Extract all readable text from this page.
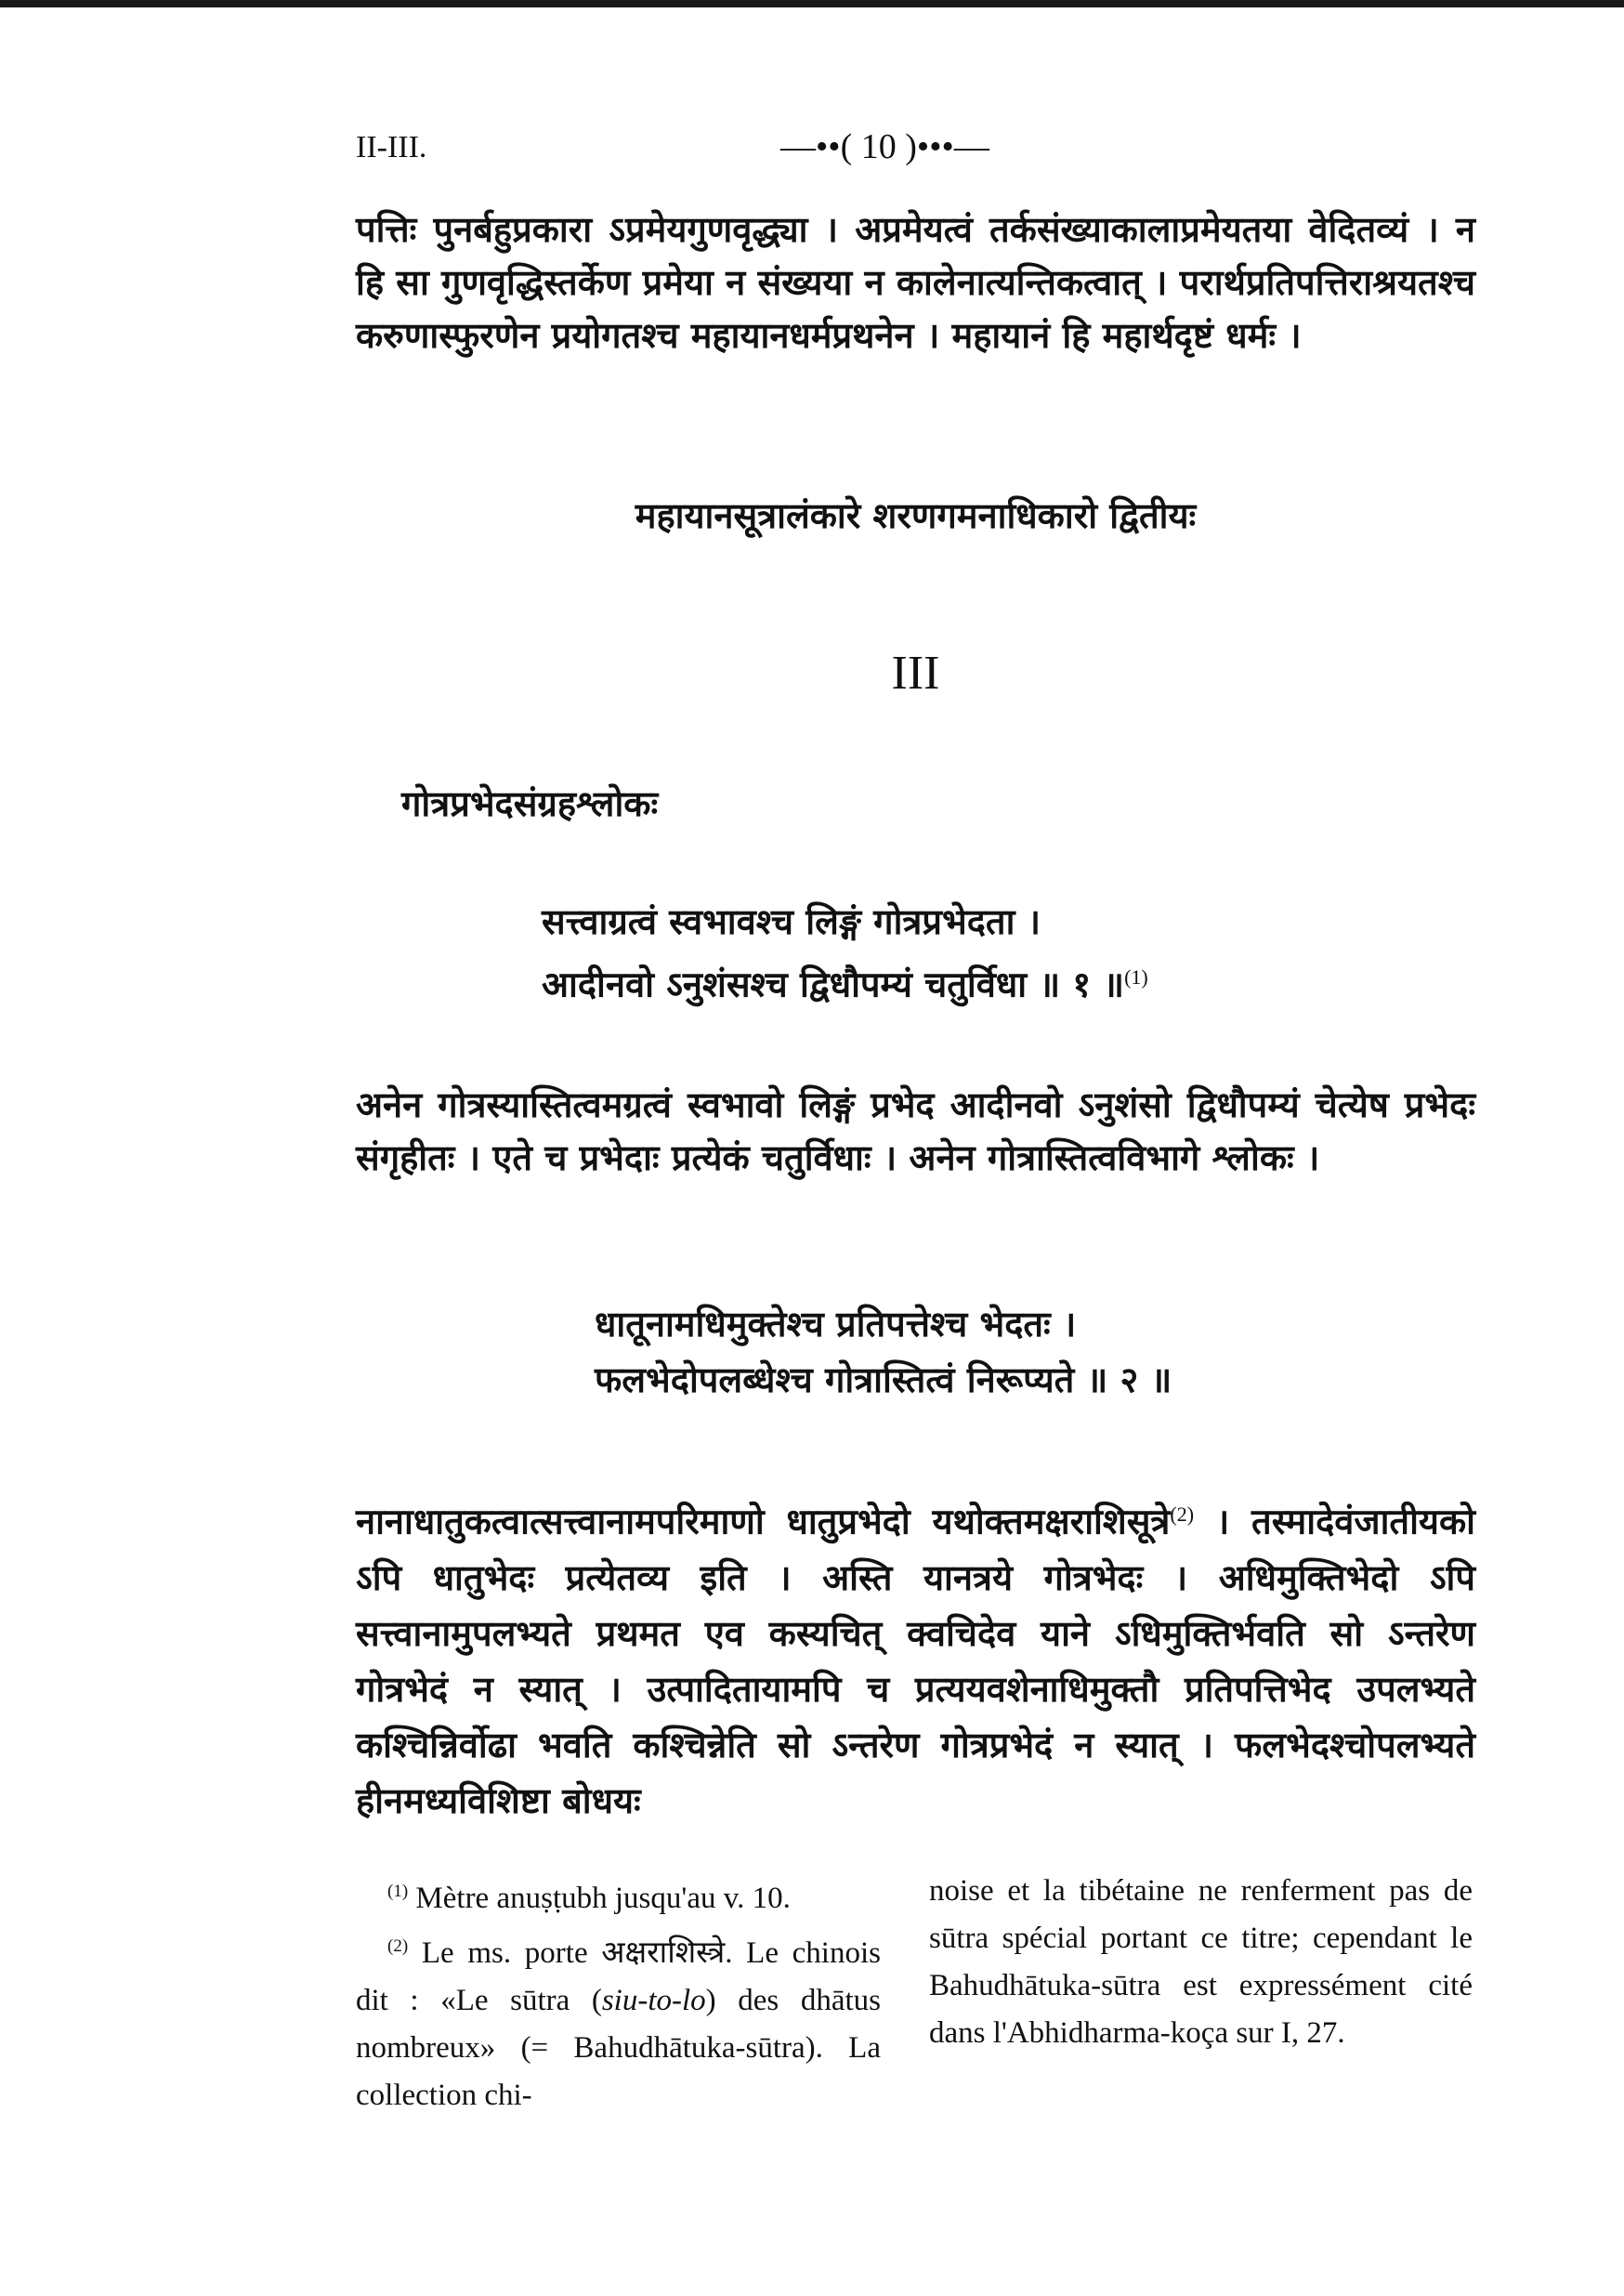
II-III.	—••( 10 )•••—
पत्तिः पुनर्बहुप्रकारा ऽप्रमेयगुणवृद्ध्या । अप्रमेयत्वं तर्कसंख्याकालाप्रमेयतया वेदितव्यं । न हि सा गुणवृद्धिस्तर्केण प्रमेया न संख्यया न कालेनात्यन्तिकत्वात् । परार्थप्रतिपत्तिराश्रयतश्च करुणास्फुरणेन प्रयोगतश्च महायानधर्मप्रथनेन । महायानं हि महार्थदृष्टं धर्मः ।
महायानसूत्रालंकारे शरणगमनाधिकारो द्वितीयः
III
गोत्रप्रभेदसंग्रहश्लोकः
सत्त्वाग्रत्वं स्वभावश्च लिङ्गं गोत्रप्रभेदता ।
आदीनवो ऽनुशंसश्च द्विधौपम्यं चतुर्विधा ॥ १ ॥$^{(1)}$
अनेन गोत्रस्यास्तित्वमग्रत्वं स्वभावो लिङ्गं प्रभेद आदीनवो ऽनुशंसो द्विधौपम्यं चेत्येष प्रभेदः संगृहीतः । एते च प्रभेदाः प्रत्येकं चतुर्विधाः । अनेन गोत्रास्तित्वविभागे श्लोकः ।
धातूनामधिमुक्तेश्च प्रतिपत्तेश्च भेदतः ।
फलभेदोपलब्धेश्च गोत्रास्तित्वं निरूप्यते ॥ २ ॥
नानाधातुकत्वात्सत्त्वानामपरिमाणो धातुप्रभेदो यथोक्तमक्षराशिसूत्रे$^{(2)}$ । तस्मादेवंजातीयको ऽपि धातुभेदः प्रत्येतव्य इति । अस्ति यानत्रये गोत्रभेदः । अधिमुक्तिभेदो ऽपि सत्त्वानामुपलभ्यते प्रथमत एव कस्यचित् क्वचिदेव याने ऽधिमुक्तिर्भवति सो ऽन्तरेण गोत्रभेदं न स्यात् । उत्पादितायामपि च प्रत्ययवशेनाधिमुक्तौ प्रतिपत्तिभेद उपलभ्यते कश्चिन्निर्वोढा भवति कश्चिन्नेति सो ऽन्तरेण गोत्रप्रभेदं न स्यात् । फलभेदश्चोपलभ्यते हीनमध्यविशिष्टा बोधयः
$^{(1)}$ Mètre anuṣṭubh jusqu'au v. 10.
$^{(2)}$ Le ms. porte अक्षराशिस्त्रे. Le chinois dit : «Le sūtra (siu-to-lo) des dhātus nombreux» (= Bahudhātuka-sūtra). La collection chi-
noise et la tibétaine ne renferment pas de sūtra spécial portant ce titre; cependant le Bahudhātuka-sūtra est expressément cité dans l'Abhidharma-koça sur I, 27.
